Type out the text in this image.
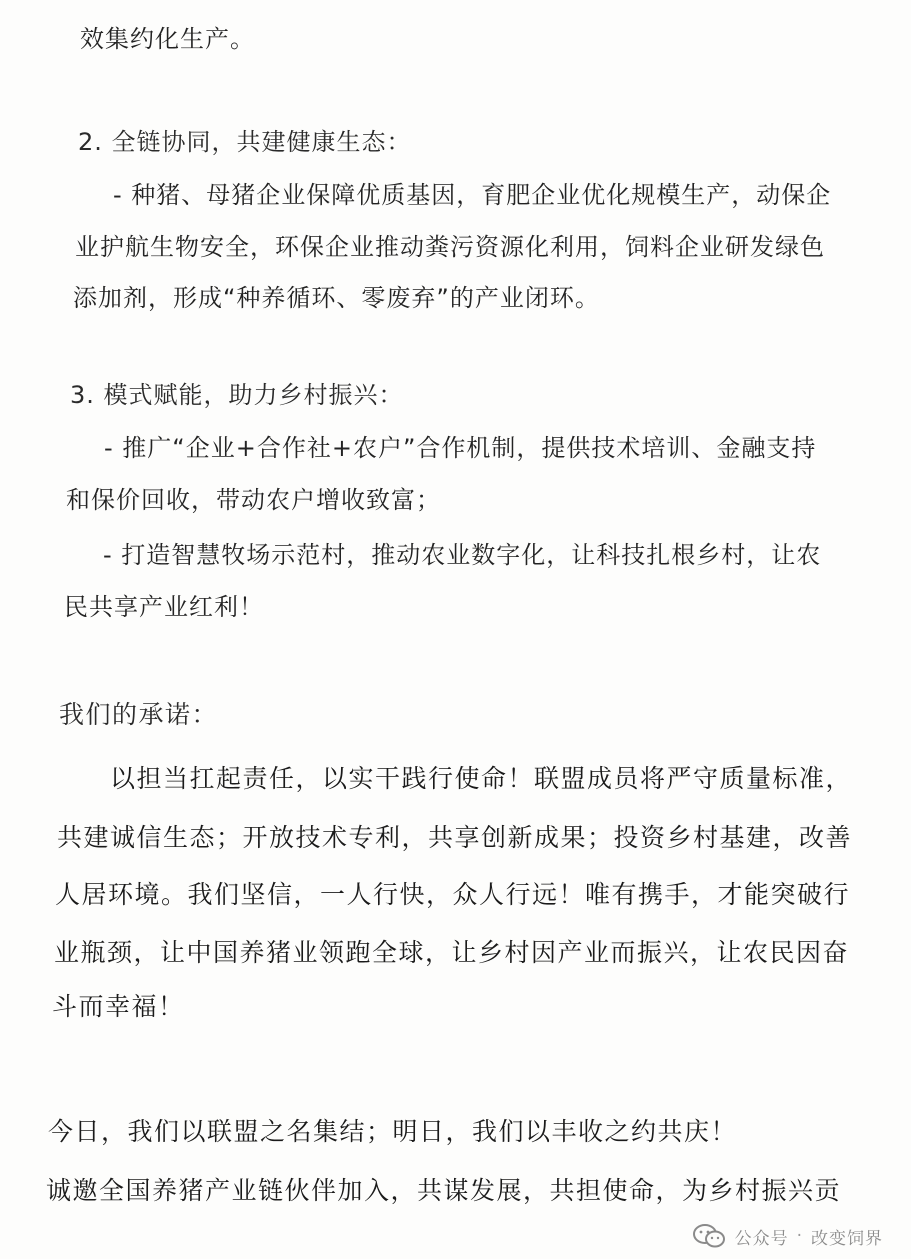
效集约化生产。
2. 全链协同，共建健康生态：
- 种猪、母猪企业保障优质基因，育肥企业优化规模生产，动保企
业护航生物安全，环保企业推动粪污资源化利用，饲料企业研发绿色
添加剂，形成“种养循环、零废弃”的产业闭环。
3. 模式赋能，助力乡村振兴：
- 推广“企业+合作社+农户”合作机制，提供技术培训、金融支持
和保价回收，带动农户增收致富；
- 打造智慧牧场示范村，推动农业数字化，让科技扎根乡村，让农
民共享产业红利！
我们的承诺：
以担当扛起责任，以实干践行使命！联盟成员将严守质量标准，
共建诚信生态；开放技术专利，共享创新成果；投资乡村基建，改善
人居环境。我们坚信，一人行快，众人行远！唯有携手，才能突破行
业瓶颈，让中国养猪业领跑全球，让乡村因产业而振兴，让农民因奋
斗而幸福！
今日，我们以联盟之名集结；明日，我们以丰收之约共庆！
诚邀全国养猪产业链伙伴加入，共谋发展，共担使命，为乡村振兴贡
公众号 · 改变饲界
